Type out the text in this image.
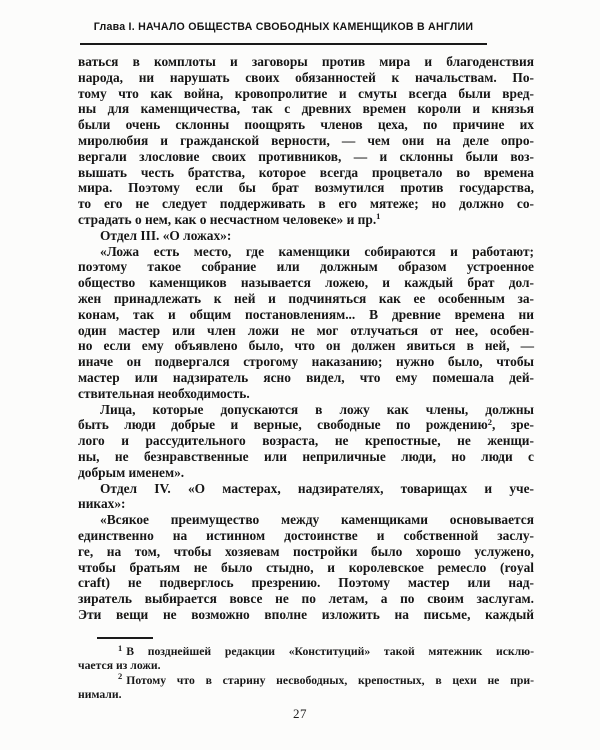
Глава I. НАЧАЛО ОБЩЕСТВА СВОБОДНЫХ КАМЕНЩИКОВ В АНГЛИИ
ваться в комплоты и заговоры против мира и благоденствия
народа, ни нарушать своих обязанностей к начальствам. По-
тому что как война, кровопролитие и смуты всегда были вред-
ны для каменщичества, так с древних времен короли и князья
были очень склонны поощрять членов цеха, по причине их
миролюбия и гражданской верности, — чем они на деле опро-
вергали злословие своих противников, — и склонны были воз-
вышать честь братства, которое всегда процветало во времена
мира. Поэтому если бы брат возмутился против государства,
то его не следует поддерживать в его мятеже; но должно со-
страдать о нем, как о несчастном человеке» и пр.1
Отдел III. «О ложах»:
«Ложа есть место, где каменщики собираются и работают;
поэтому такое собрание или должным образом устроенное
общество каменщиков называется ложею, и каждый брат дол-
жен принадлежать к ней и подчиняться как ее особенным за-
конам, так и общим постановлениям... В древние времена ни
один мастер или член ложи не мог отлучаться от нее, особен-
но если ему объявлено было, что он должен явиться в ней, —
иначе он подвергался строгому наказанию; нужно было, чтобы
мастер или надзиратель ясно видел, что ему помешала дей-
ствительная необходимость.
Лица, которые допускаются в ложу как члены, должны
быть люди добрые и верные, свободные по рождению2, зре-
лого и рассудительного возраста, не крепостные, не женщи-
ны, не безнравственные или неприличные люди, но люди с
добрым именем».
Отдел IV. «О мастерах, надзирателях, товарищах и уче-
никах»:
«Всякое преимущество между каменщиками основывается
единственно на истинном достоинстве и собственной заслу-
ге, на том, чтобы хозяевам постройки было хорошо услужено,
чтобы братьям не было стыдно, и королевское ремесло (royal
craft) не подверглось презрению. Поэтому мастер или над-
зиратель выбирается вовсе не по летам, а по своим заслугам.
Эти вещи не возможно вполне изложить на письме, каждый
1 В позднейшей редакции «Конституций» такой мятежник исклю-
чается из ложи.
2 Потому что в старину несвободных, крепостных, в цехи не при-
нимали.
27
